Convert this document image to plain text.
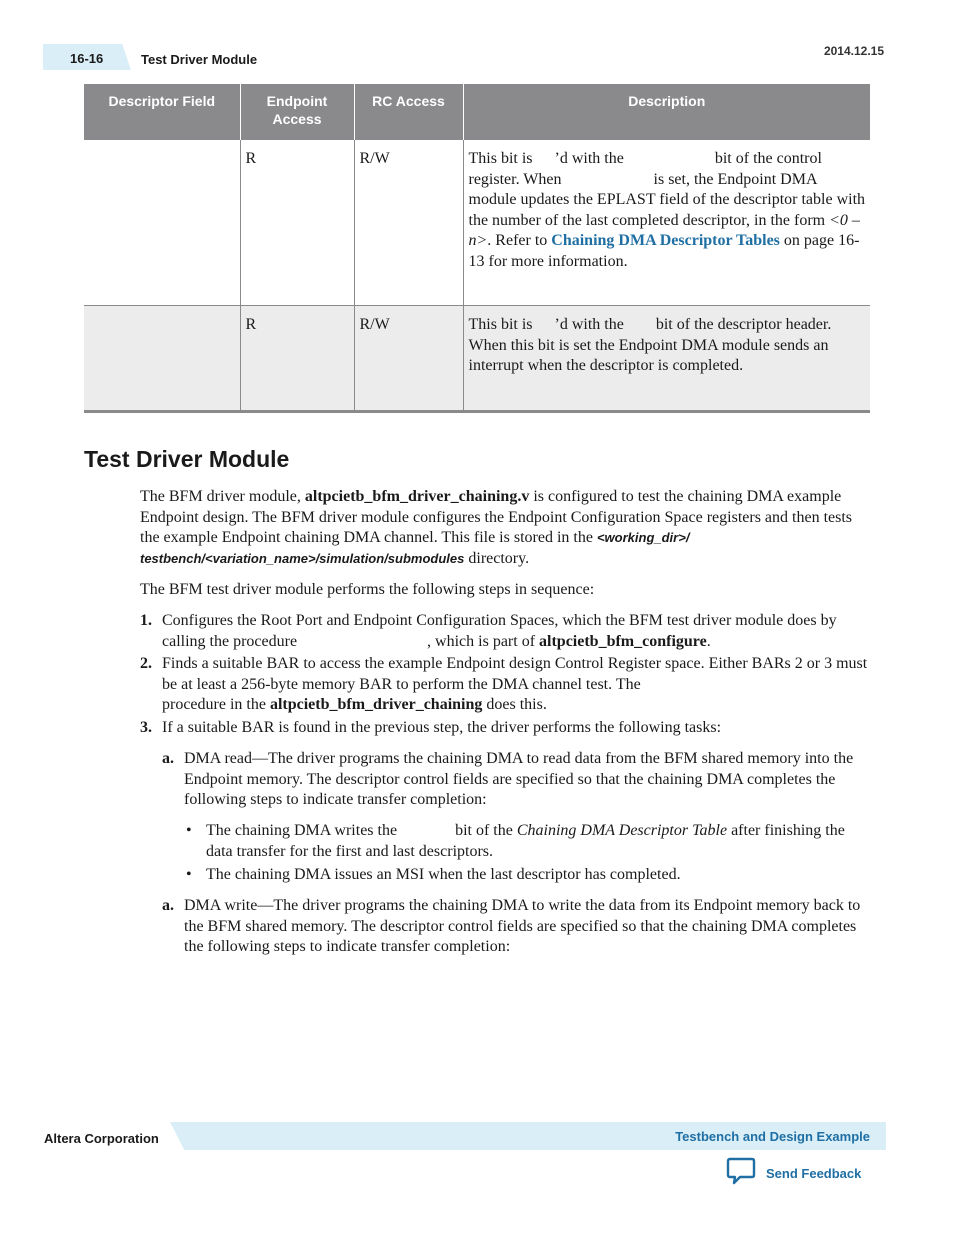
16-16	Test Driver Module
2014.12.15
Descriptor Field	Endpoint Access	RC Access	Description
	R	R/W	This bit is ’d with the bit of the control register. When is set, the Endpoint DMA module updates the EPLAST field of the descriptor table with the number of the last completed descriptor, in the form <0 – n>. Refer to Chaining DMA Descriptor Tables on page 16-13 for more information.
	R	R/W	This bit is ’d with the bit of the descriptor header. When this bit is set the Endpoint DMA module sends an interrupt when the descriptor is completed.
Test Driver Module

The BFM driver module, altpcietb_bfm_driver_chaining.v is configured to test the chaining DMA example Endpoint design. The BFM driver module configures the Endpoint Configuration Space registers and then tests the example Endpoint chaining DMA channel. This file is stored in the <working_dir>/ testbench/<variation_name>/simulation/submodules directory.

The BFM test driver module performs the following steps in sequence:

1. Configures the Root Port and Endpoint Configuration Spaces, which the BFM test driver module does by calling the procedure	, which is part of altpcietb_bfm_configure.
2. Finds a suitable BAR to access the example Endpoint design Control Register space. Either BARs 2 or 3 must be at least a 256-byte memory BAR to perform the DMA channel test. The
procedure in the altpcietb_bfm_driver_chaining does this.
3. If a suitable BAR is found in the previous step, the driver performs the following tasks:
a. DMA read—The driver programs the chaining DMA to read data from the BFM shared memory into the Endpoint memory. The descriptor control fields are specified so that the chaining DMA completes the following steps to indicate transfer completion:
• The chaining DMA writes the	bit of the Chaining DMA Descriptor Table after finishing the data transfer for the first and last descriptors.
• The chaining DMA issues an MSI when the last descriptor has completed.
a. DMA write—The driver programs the chaining DMA to write the data from its Endpoint memory back to the BFM shared memory. The descriptor control fields are specified so that the chaining DMA completes the following steps to indicate transfer completion:
Altera Corporation	Testbench and Design Example
Send Feedback
